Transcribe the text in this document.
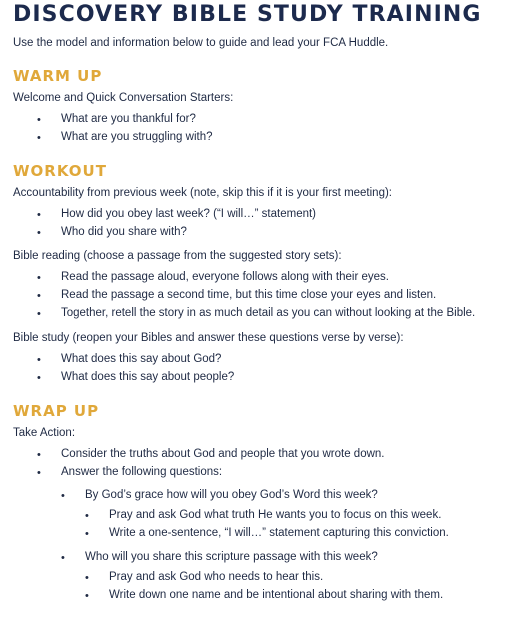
DISCOVERY BIBLE STUDY TRAINING
Use the model and information below to guide and lead your FCA Huddle.
WARM UP
Welcome and Quick Conversation Starters:
• What are you thankful for?
• What are you struggling with?
WORKOUT
Accountability from previous week (note, skip this if it is your first meeting):
• How did you obey last week? (“I will…” statement)
• Who did you share with?
Bible reading (choose a passage from the suggested story sets):
• Read the passage aloud, everyone follows along with their eyes.
• Read the passage a second time, but this time close your eyes and listen.
• Together, retell the story in as much detail as you can without looking at the Bible.
Bible study (reopen your Bibles and answer these questions verse by verse):
• What does this say about God?
• What does this say about people?
WRAP UP
Take Action:
• Consider the truths about God and people that you wrote down.
• Answer the following questions:
• By God’s grace how will you obey God’s Word this week?
• Pray and ask God what truth He wants you to focus on this week.
• Write a one-sentence, “I will…” statement capturing this conviction.
• Who will you share this scripture passage with this week?
• Pray and ask God who needs to hear this.
• Write down one name and be intentional about sharing with them.
